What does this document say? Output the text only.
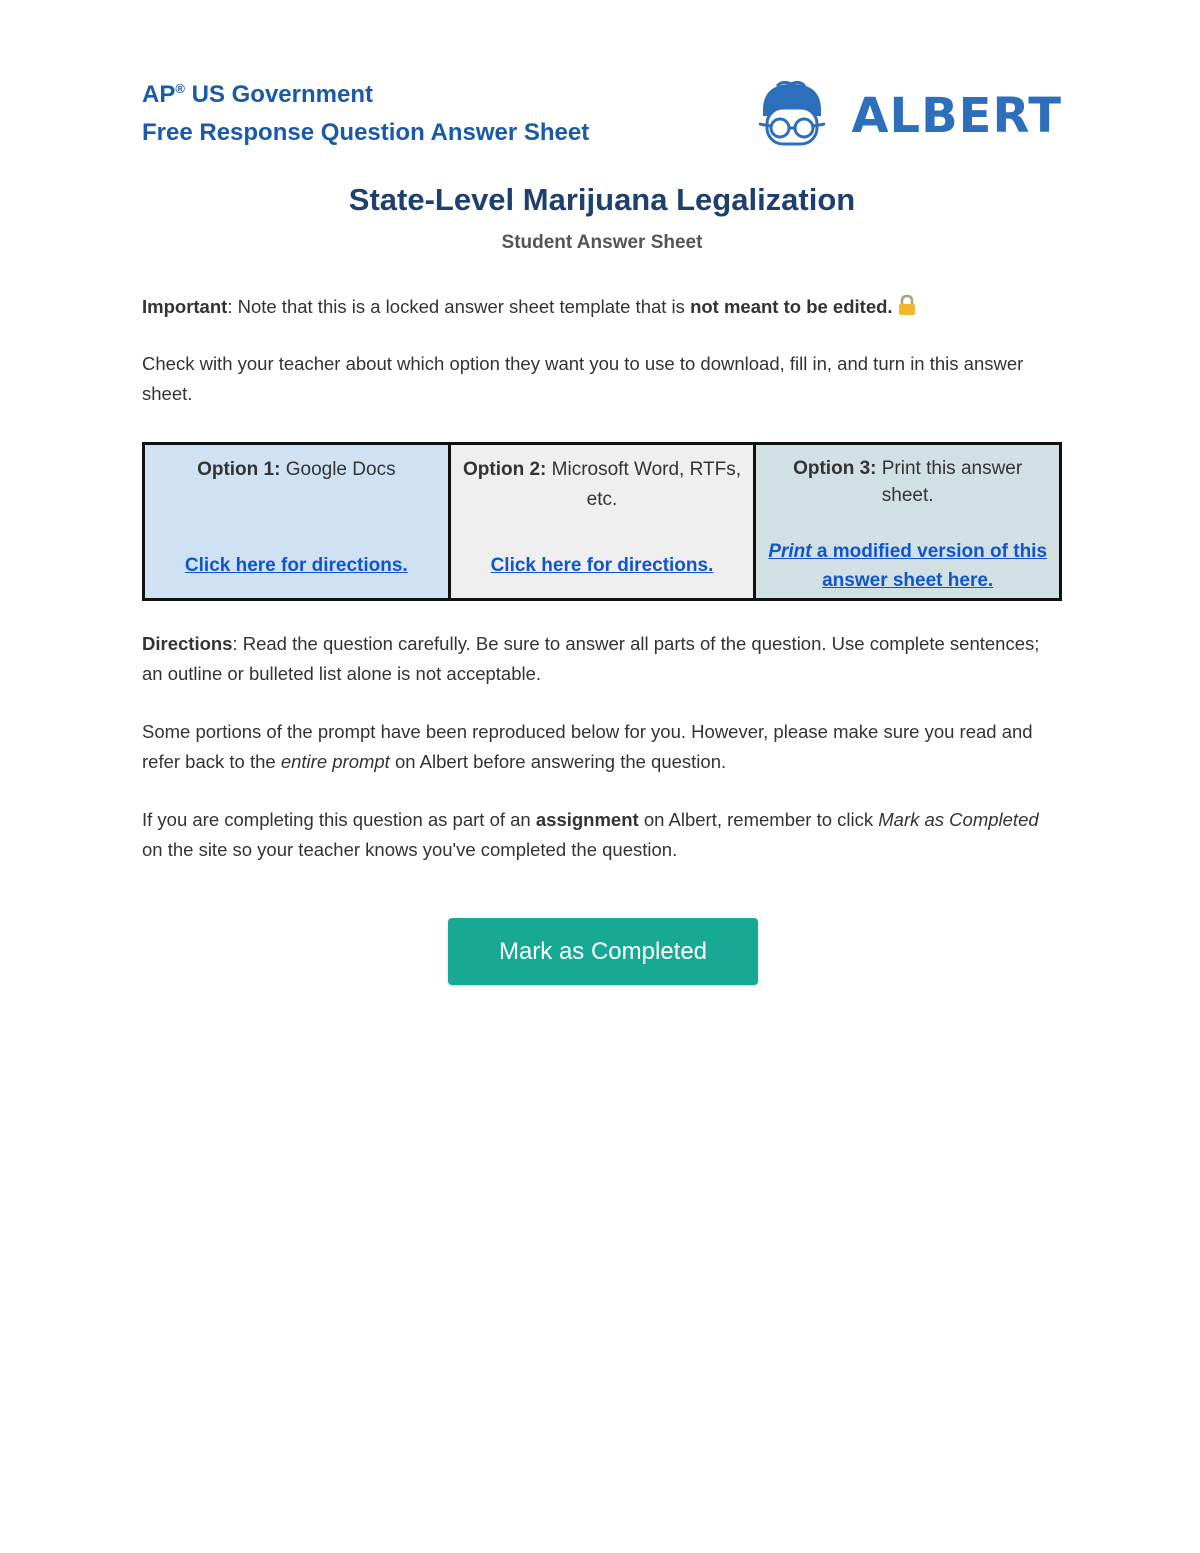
AP® US Government
Free Response Question Answer Sheet	ALBERT
State-Level Marijuana Legalization
Student Answer Sheet

Important: Note that this is a locked answer sheet template that is not meant to be edited.

Check with your teacher about which option they want you to use to download, fill in, and turn in this answer sheet.

Option 1: Google Docs
Click here for directions.

Option 2: Microsoft Word, RTFs, etc.
Click here for directions.

Option 3: Print this answer sheet.
Print a modified version of this answer sheet here.

Directions: Read the question carefully. Be sure to answer all parts of the question. Use complete sentences; an outline or bulleted list alone is not acceptable.

Some portions of the prompt have been reproduced below for you. However, please make sure you read and refer back to the entire prompt on Albert before answering the question.

If you are completing this question as part of an assignment on Albert, remember to click Mark as Completed on the site so your teacher knows you've completed the question.

Mark as Completed
